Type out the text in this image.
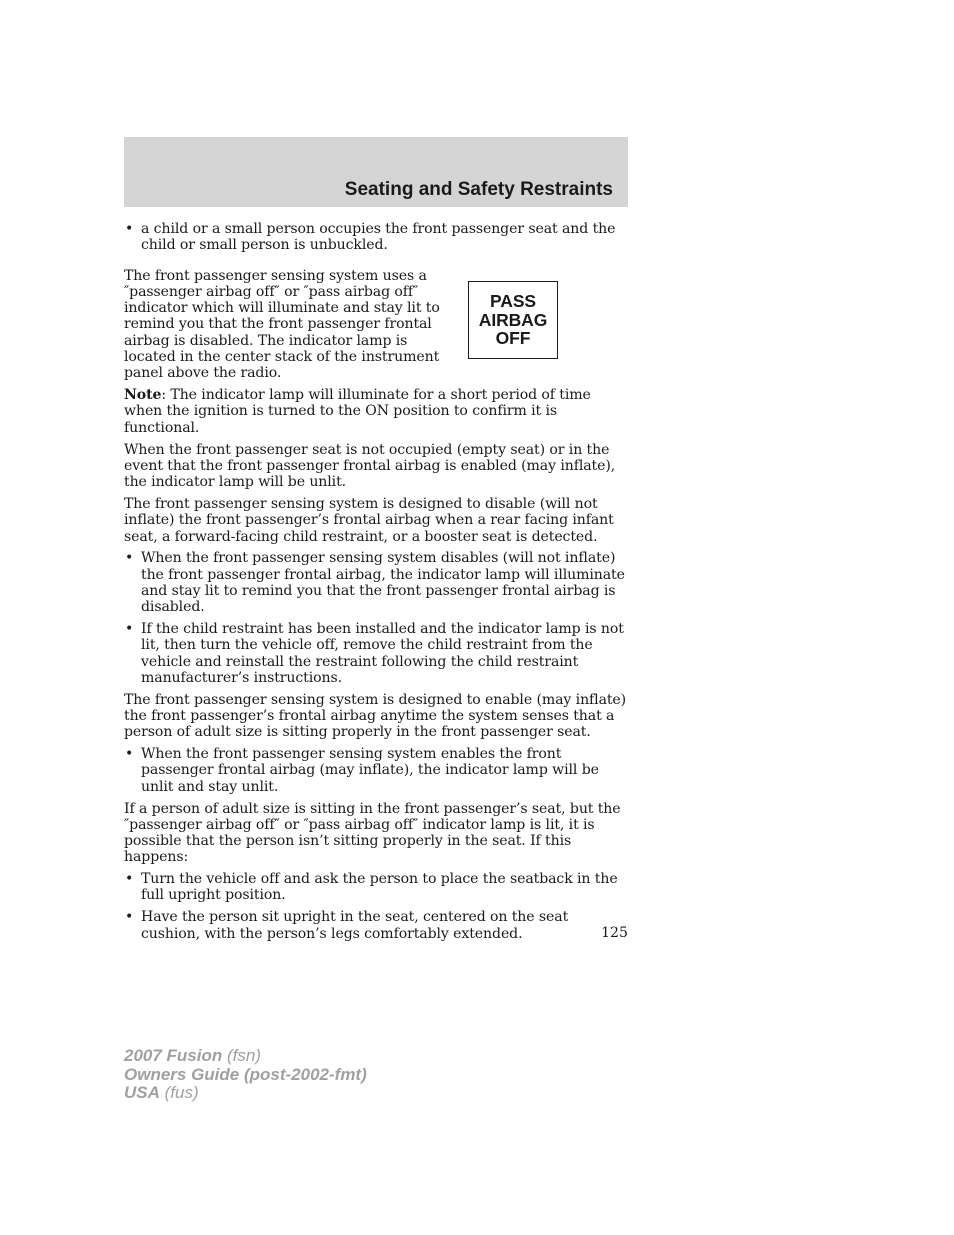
Seating and Safety Restraints
• a child or a small person occupies the front passenger seat and the child or small person is unbuckled.
PASS
AIRBAG
OFF

The front passenger sensing system uses a ″passenger airbag off″ or ″pass airbag off″ indicator which will illuminate and stay lit to remind you that the front passenger frontal airbag is disabled. The indicator lamp is located in the center stack of the instrument panel above the radio.

Note: The indicator lamp will illuminate for a short period of time when the ignition is turned to the ON position to confirm it is functional.

When the front passenger seat is not occupied (empty seat) or in the event that the front passenger frontal airbag is enabled (may inflate), the indicator lamp will be unlit.

The front passenger sensing system is designed to disable (will not inflate) the front passenger’s frontal airbag when a rear facing infant seat, a forward-facing child restraint, or a booster seat is detected.

• When the front passenger sensing system disables (will not inflate) the front passenger frontal airbag, the indicator lamp will illuminate and stay lit to remind you that the front passenger frontal airbag is disabled.
• If the child restraint has been installed and the indicator lamp is not lit, then turn the vehicle off, remove the child restraint from the vehicle and reinstall the restraint following the child restraint manufacturer’s instructions.

The front passenger sensing system is designed to enable (may inflate) the front passenger’s frontal airbag anytime the system senses that a person of adult size is sitting properly in the front passenger seat.

• When the front passenger sensing system enables the front passenger frontal airbag (may inflate), the indicator lamp will be unlit and stay unlit.

If a person of adult size is sitting in the front passenger’s seat, but the ″passenger airbag off″ or ″pass airbag off″ indicator lamp is lit, it is possible that the person isn’t sitting properly in the seat. If this happens:

• Turn the vehicle off and ask the person to place the seatback in the full upright position.
• Have the person sit upright in the seat, centered on the seat cushion, with the person’s legs comfortably extended.	125
2007 Fusion (fsn)
Owners Guide (post-2002-fmt)
USA (fus)
